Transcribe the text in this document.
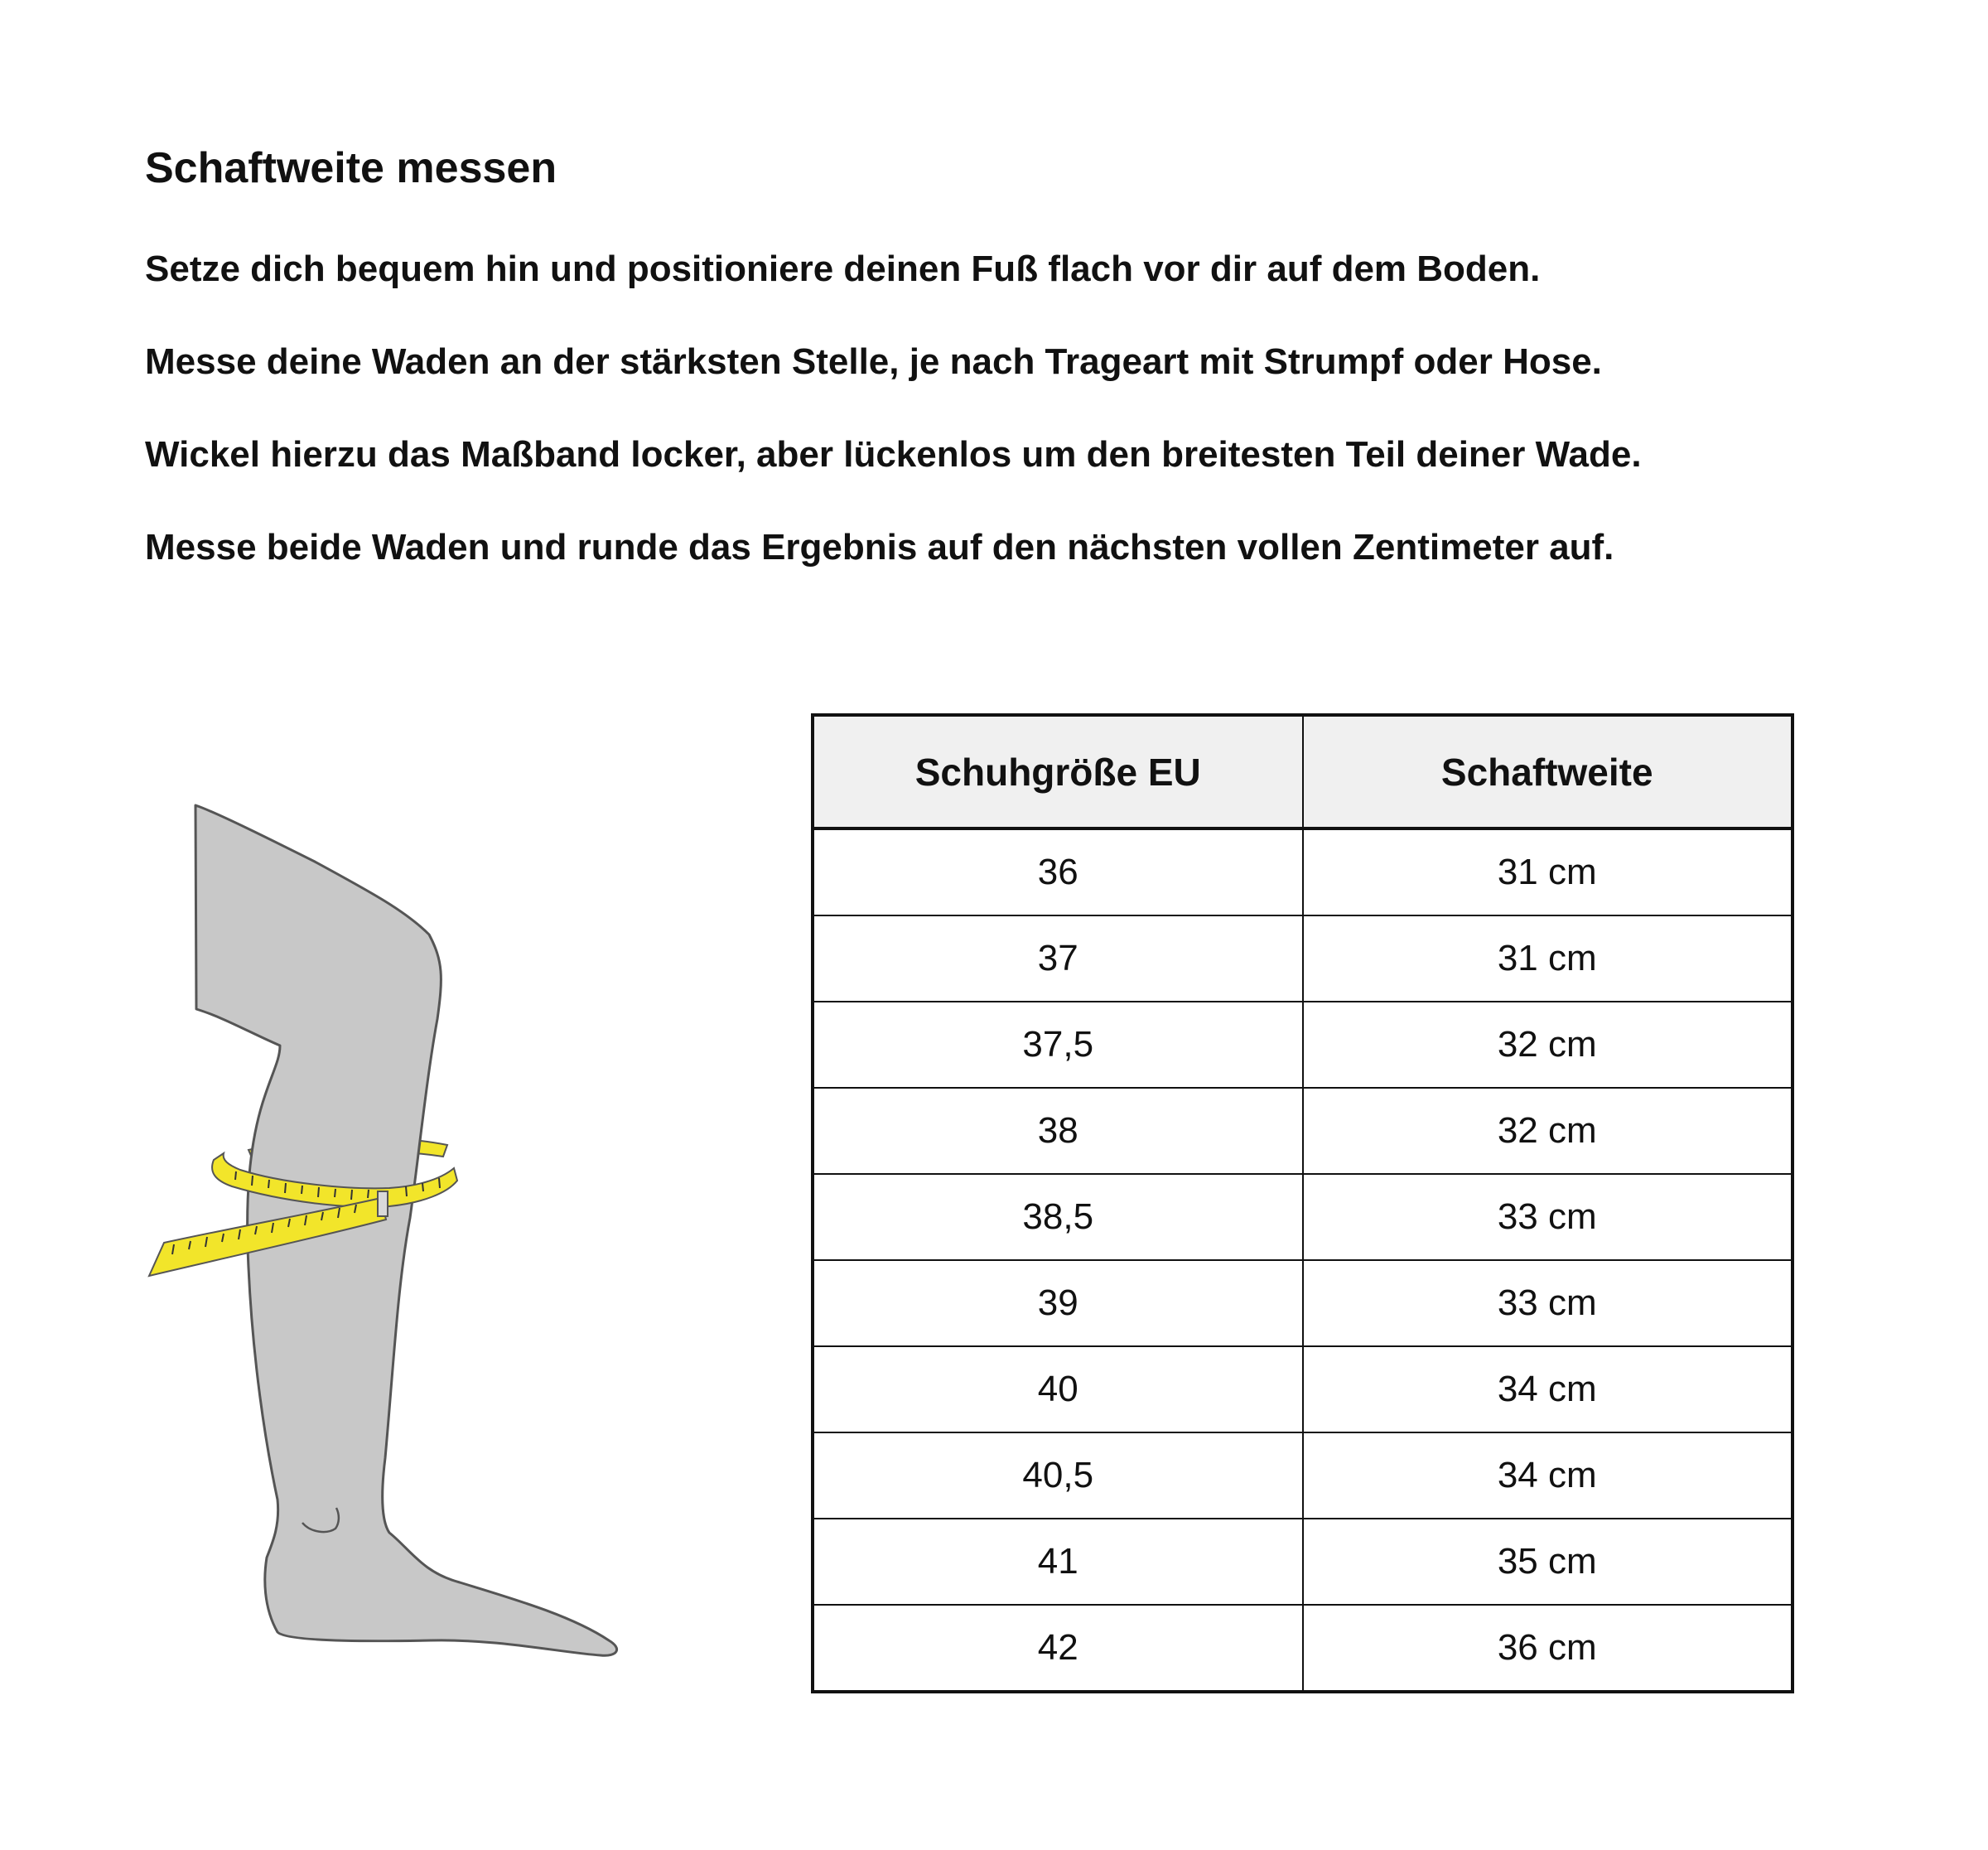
Schaftweite messen
Setze dich bequem hin und positioniere deinen Fuß flach vor dir auf dem Boden.
Messe deine Waden an der stärksten Stelle, je nach Trageart mit Strumpf oder Hose.
Wickel hierzu das Maßband locker, aber lückenlos um den breitesten Teil deiner Wade.
Messe beide Waden und runde das Ergebnis auf den nächsten vollen Zentimeter auf.
Schuhgröße EU	Schaftweite
36	31 cm
37	31 cm
37,5	32 cm
38	32 cm
38,5	33 cm
39	33 cm
40	34 cm
40,5	34 cm
41	35 cm
42	36 cm
